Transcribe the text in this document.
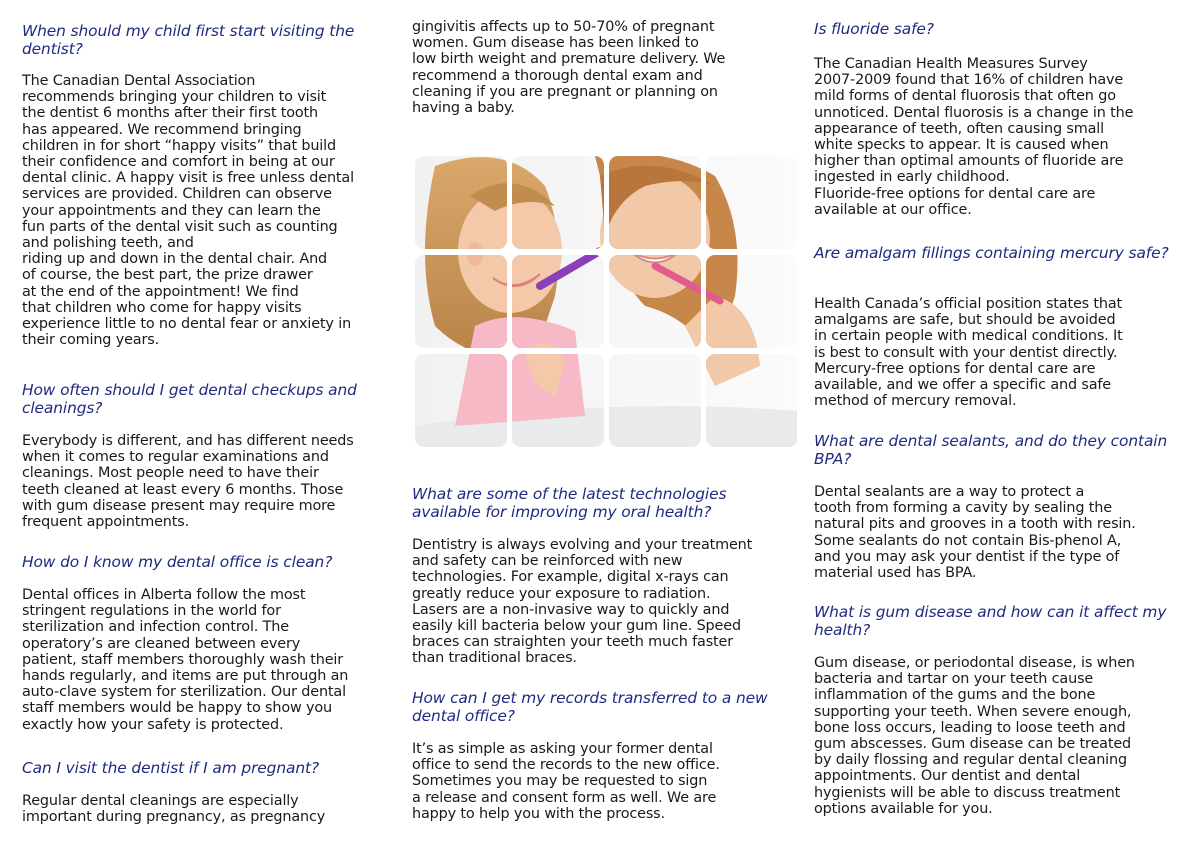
When should my child first start visiting the dentist?
The Canadian Dental Association
recommends bringing your children to visit
the dentist 6 months after their first tooth
has appeared. We recommend bringing
children in for short “happy visits” that build
their confidence and comfort in being at our
dental clinic. A happy visit is free unless dental
services are provided. Children can observe
your appointments and they can learn the
fun parts of the dental visit such as counting
and polishing teeth, and
riding up and down in the dental chair. And
of course, the best part, the prize drawer
at the end of the appointment! We find
that children who come for happy visits
experience little to no dental fear or anxiety in
their coming years.
How often should I get dental checkups and cleanings?
Everybody is different, and has different needs
when it comes to regular examinations and
cleanings. Most people need to have their
teeth cleaned at least every 6 months. Those
with gum disease present may require more
frequent appointments.
How do I know my dental office is clean?
Dental offices in Alberta follow the most
stringent regulations in the world for
sterilization and infection control. The
operatory’s are cleaned between every
patient, staff members thoroughly wash their
hands regularly, and items are put through an
auto-clave system for sterilization. Our dental
staff members would be happy to show you
exactly how your safety is protected.
Can I visit the dentist if I am pregnant?
Regular dental cleanings are especially
important during pregnancy, as pregnancy
gingivitis affects up to 50-70% of pregnant
women. Gum disease has been linked to
low birth weight and premature delivery. We
recommend a thorough dental exam and
cleaning if you are pregnant or planning on
having a baby.
What are some of the latest technologies available for improving my oral health?
Dentistry is always evolving and your treatment
and safety can be reinforced with new
technologies. For example, digital x-rays can
greatly reduce your exposure to radiation.
Lasers are a non-invasive way to quickly and
easily kill bacteria below your gum line. Speed
braces can straighten your teeth much faster
than traditional braces.
How can I get my records transferred to a new dental office?
It’s as simple as asking your former dental
office to send the records to the new office.
Sometimes you may be requested to sign
a release and consent form as well. We are
happy to help you with the process.
Is fluoride safe?
The Canadian Health Measures Survey
2007-2009 found that 16% of children have
mild forms of dental fluorosis that often go
unnoticed. Dental fluorosis is a change in the
appearance of teeth, often causing small
white specks to appear. It is caused when
higher than optimal amounts of fluoride are
ingested in early childhood.
Fluoride-free options for dental care are
available at our office.
Are amalgam fillings containing mercury safe?
Health Canada’s official position states that
amalgams are safe, but should be avoided
in certain people with medical conditions. It
is best to consult with your dentist directly.
Mercury-free options for dental care are
available, and we offer a specific and safe
method of mercury removal.
What are dental sealants, and do they contain BPA?
Dental sealants are a way to protect a
tooth from forming a cavity by sealing the
natural pits and grooves in a tooth with resin.
Some sealants do not contain Bis-phenol A,
and you may ask your dentist if the type of
material used has BPA.
What is gum disease and how can it affect my health?
Gum disease, or periodontal disease, is when
bacteria and tartar on your teeth cause
inflammation of the gums and the bone
supporting your teeth. When severe enough,
bone loss occurs, leading to loose teeth and
gum abscesses. Gum disease can be treated
by daily flossing and regular dental cleaning
appointments. Our dentist and dental
hygienists will be able to discuss treatment
options available for you.
